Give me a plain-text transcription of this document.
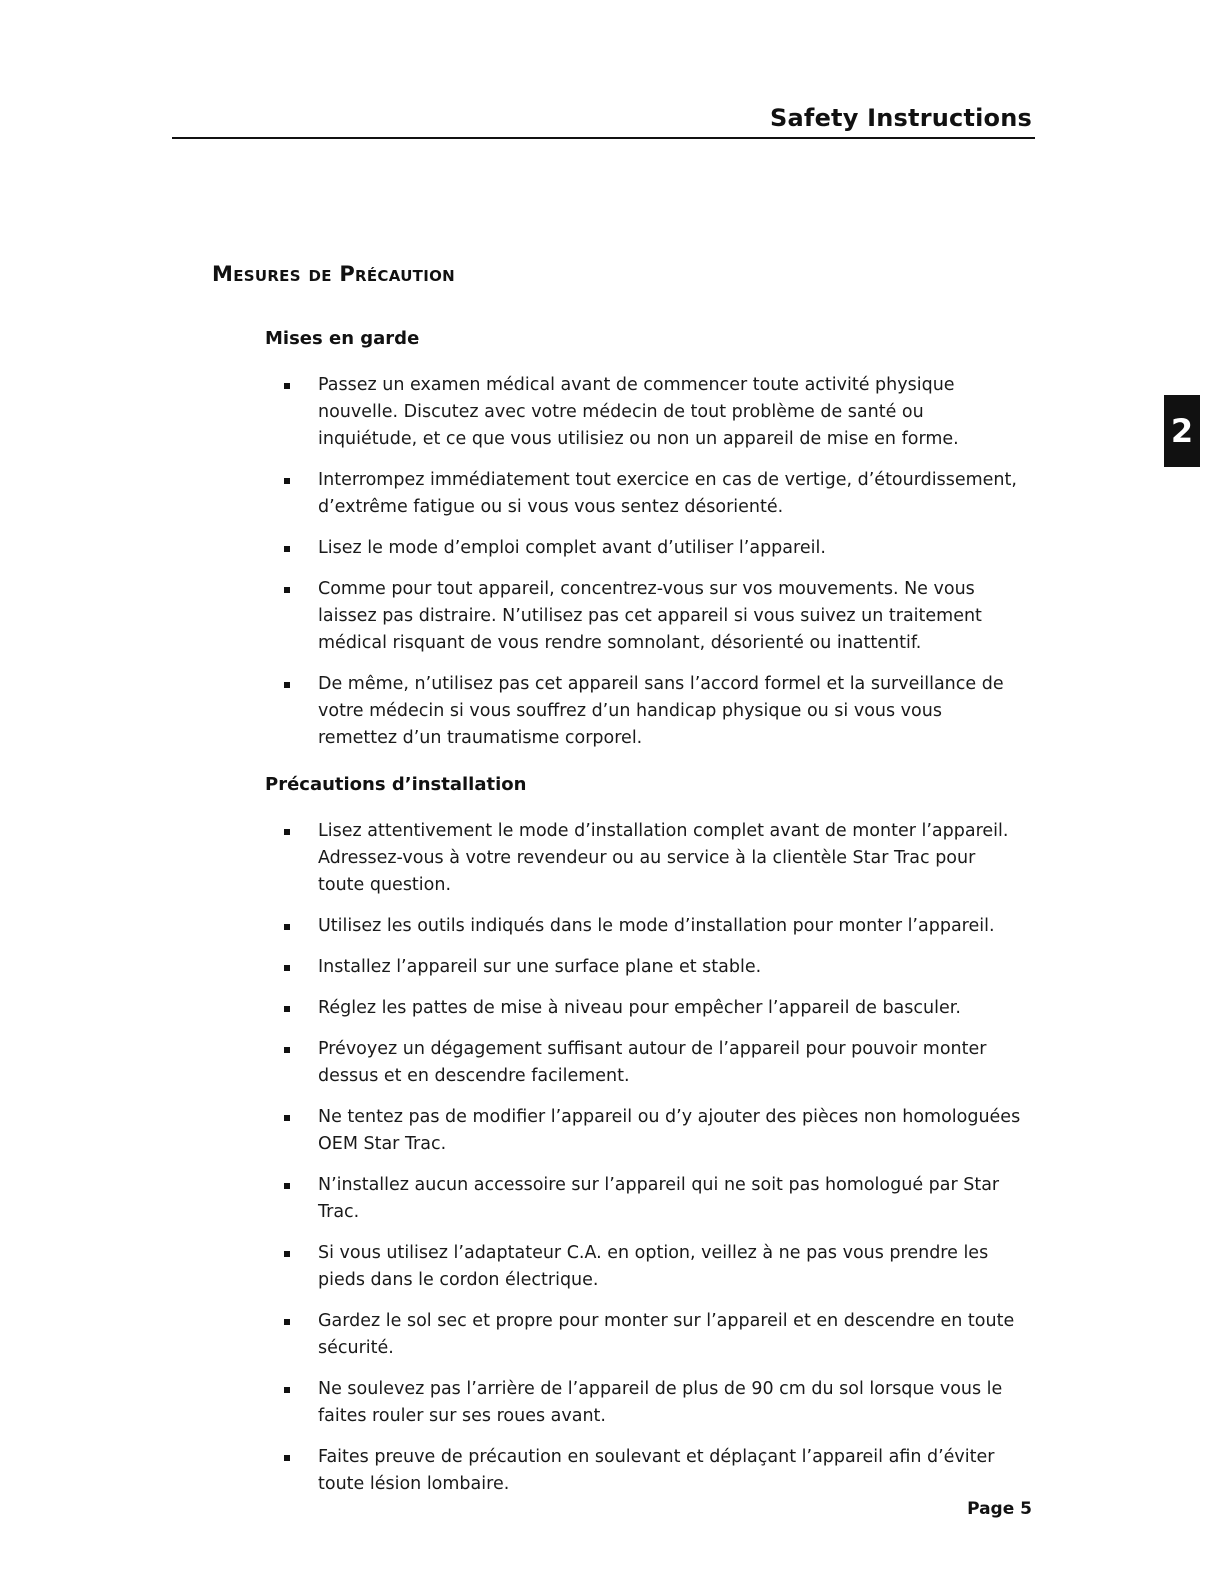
Safety Instructions
2
Mesures de Précaution
Mises en garde
Passez un examen médical avant de commencer toute activité physique nouvelle. Discutez avec votre médecin de tout problème de santé ou inquiétude, et ce que vous utilisiez ou non un appareil de mise en forme.
Interrompez immédiatement tout exercice en cas de vertige, d’étourdissement, d’extrême fatigue ou si vous vous sentez désorienté.
Lisez le mode d’emploi complet avant d’utiliser l’appareil.
Comme pour tout appareil, concentrez-vous sur vos mouvements. Ne vous laissez pas distraire. N’utilisez pas cet appareil si vous suivez un traitement médical risquant de vous rendre somnolant, désorienté ou inattentif.
De même, n’utilisez pas cet appareil sans l’accord formel et la surveillance de votre médecin si vous souffrez d’un handicap physique ou si vous vous remettez d’un traumatisme corporel.
Précautions d’installation
Lisez attentivement le mode d’installation complet avant de monter l’appareil. Adressez-vous à votre revendeur ou au service à la clientèle Star Trac pour toute question.
Utilisez les outils indiqués dans le mode d’installation pour monter l’appareil.
Installez l’appareil sur une surface plane et stable.
Réglez les pattes de mise à niveau pour empêcher l’appareil de basculer.
Prévoyez un dégagement suffisant autour de l’appareil pour pouvoir monter dessus et en descendre facilement.
Ne tentez pas de modifier l’appareil ou d’y ajouter des pièces non homologuées OEM Star Trac.
N’installez aucun accessoire sur l’appareil qui ne soit pas homologué par Star Trac.
Si vous utilisez l’adaptateur C.A. en option, veillez à ne pas vous prendre les pieds dans le cordon électrique.
Gardez le sol sec et propre pour monter sur l’appareil et en descendre en toute sécurité.
Ne soulevez pas l’arrière de l’appareil de plus de 90 cm du sol lorsque vous le faites rouler sur ses roues avant.
Faites preuve de précaution en soulevant et déplaçant l’appareil afin d’éviter toute lésion lombaire.
Page 5
